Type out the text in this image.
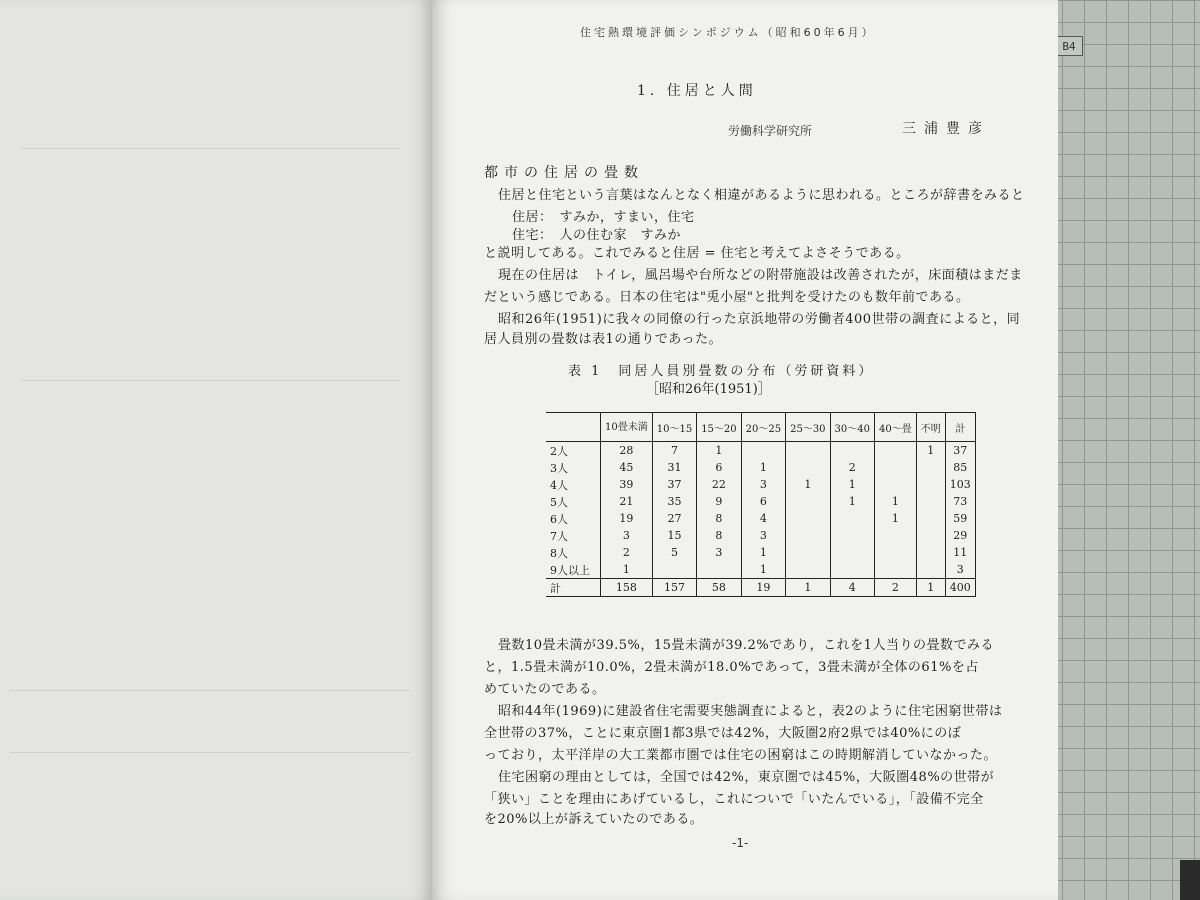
B4
住宅熱環境評価シンポジウム（昭和60年6月）
1. 住居と人間
労働科学研究所	三浦豊彦
都市の住居の畳数
住居と住宅という言葉はなんとなく相違があるように思われる。ところが辞書をみると
住居：　すみか，すまい，住宅
住宅：　人の住む家　すみか
と説明してある。これでみると住居 = 住宅と考えてよさそうである。
現在の住居は　トイレ，風呂場や台所などの附帯施設は改善されたが，床面積はまだま
だという感じである。日本の住宅は"兎小屋"と批判を受けたのも数年前である。
昭和26年(1951)に我々の同僚の行った京浜地帯の労働者400世帯の調査によると，同
居人員別の畳数は表1の通りであった。
表 1　同居人員別畳数の分布（労研資料）
［昭和26年(1951)］
	10畳未満	10～15	15～20	20～25	25～30	30～40	40～畳	不明	計
2人	28	7	1					1	37
3人	45	31	6	1		2			85
4人	39	37	22	3	1	1			103
5人	21	35	9	6		1	1		73
6人	19	27	8	4			1		59
7人	3	15	8	3					29
8人	2	5	3	1					11
9人以上	1			1					3
計	158	157	58	19	1	4	2	1	400
畳数10畳未満が39.5%，15畳未満が39.2%であり，これを1人当りの畳数でみる
と，1.5畳未満が10.0%，2畳未満が18.0%であって，3畳未満が全体の61%を占
めていたのである。
昭和44年(1969)に建設省住宅需要実態調査によると，表2のように住宅困窮世帯は
全世帯の37%，ことに東京圏1都3県では42%，大阪圏2府2県では40%にのぼ
っており，太平洋岸の大工業都市圏では住宅の困窮はこの時期解消していなかった。
住宅困窮の理由としては，全国では42%，東京圏では45%，大阪圏48%の世帯が
「狭い」ことを理由にあげているし，これについで「いたんでいる」，「設備不完全
を20%以上が訴えていたのである。
-1-
